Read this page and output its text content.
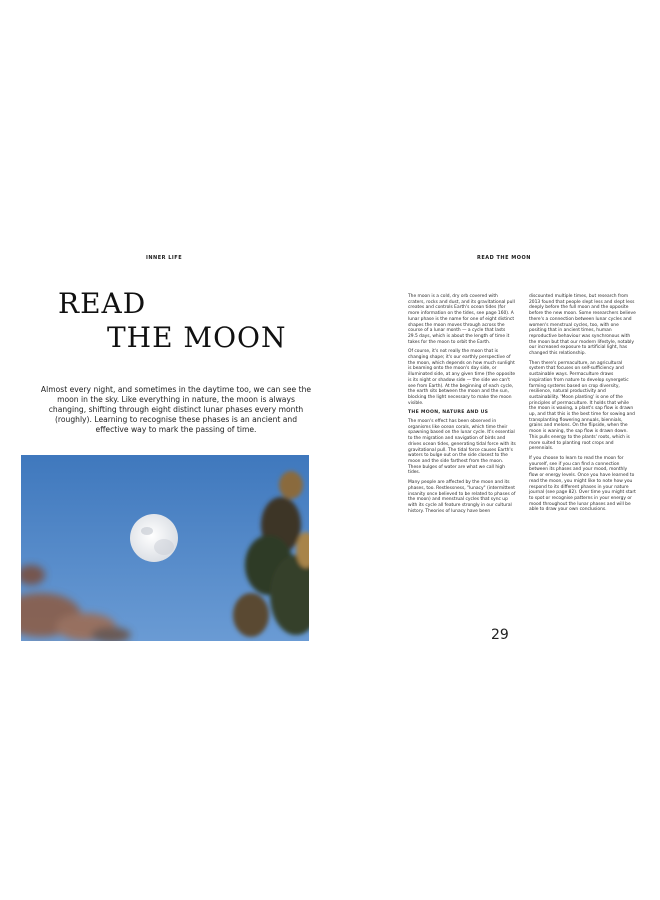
INNER LIFE	READ THE MOON
READ
THE MOON
Almost every night, and sometimes in the daytime too, we can see the moon in the sky. Like everything in nature, the moon is always changing, shifting through eight distinct lunar phases every month (roughly). Learning to recognise these phases is an ancient and effective way to mark the passing of time.

The moon is a cold, dry orb covered with craters, rocks and dust, and its gravitational pull creates and controls Earth's ocean tides (for more information on the tides, see page 160). A lunar phase is the name for one of eight distinct shapes the moon moves through across the course of a lunar month — a cycle that lasts 29.5 days, which is about the length of time it takes for the moon to orbit the Earth.

Of course, it's not really the moon that is changing shape; it's our earthly perspective of the moon, which depends on how much sunlight is beaming onto the moon's day side, or illuminated side, at any given time (the opposite is its night or shadow side — the side we can't see from Earth). At the beginning of each cycle, the earth sits between the moon and the sun, blocking the light necessary to make the moon visible.

THE MOON, NATURE AND US

The moon's effect has been observed in organisms like ocean corals, which time their spawning based on the lunar cycle. It's essential to the migration and navigation of birds and drives ocean tides, generating tidal force with its gravitational pull. The tidal force causes Earth's waters to bulge out on the side closest to the moon and the side farthest from the moon. These bulges of water are what we call high tides.

Many people are affected by the moon and its phases, too. Restlessness, "lunacy" (intermittent insanity once believed to be related to phases of the moon) and menstrual cycles that sync up with its cycle all feature strongly in our cultural history. Theories of lunacy have been

discounted multiple times, but research from 2013 found that people slept less and slept less deeply before the full moon and the opposite before the new moon. Some researchers believe there's a connection between lunar cycles and women's menstrual cycles, too, with one positing that in ancient times, human reproductive behaviour was synchronous with the moon but that our modern lifestyle, notably our increased exposure to artificial light, has changed this relationship.

Then there's permaculture, an agricultural system that focuses on self-sufficiency and sustainable ways. Permaculture draws inspiration from nature to develop synergetic farming systems based on crop diversity, resilience, natural productivity and sustainability. 'Moon planting' is one of the principles of permaculture. It holds that while the moon is waxing, a plant's sap flow is drawn up, and that this is the best time for sowing and transplanting flowering annuals, biennials, grains and melons. On the flipside, when the moon is waning, the sap flow is drawn down. This pulls energy to the plants' roots, which is more suited to planting root crops and perennials.

If you choose to learn to read the moon for yourself, see if you can find a connection between its phases and your mood, monthly flow or energy levels. Once you have learned to read the moon, you might like to note how you respond to its different phases in your nature journal (see page 82). Over time you might start to spot or recognise patterns in your energy or mood throughout the lunar phases and will be able to draw your own conclusions.

29
